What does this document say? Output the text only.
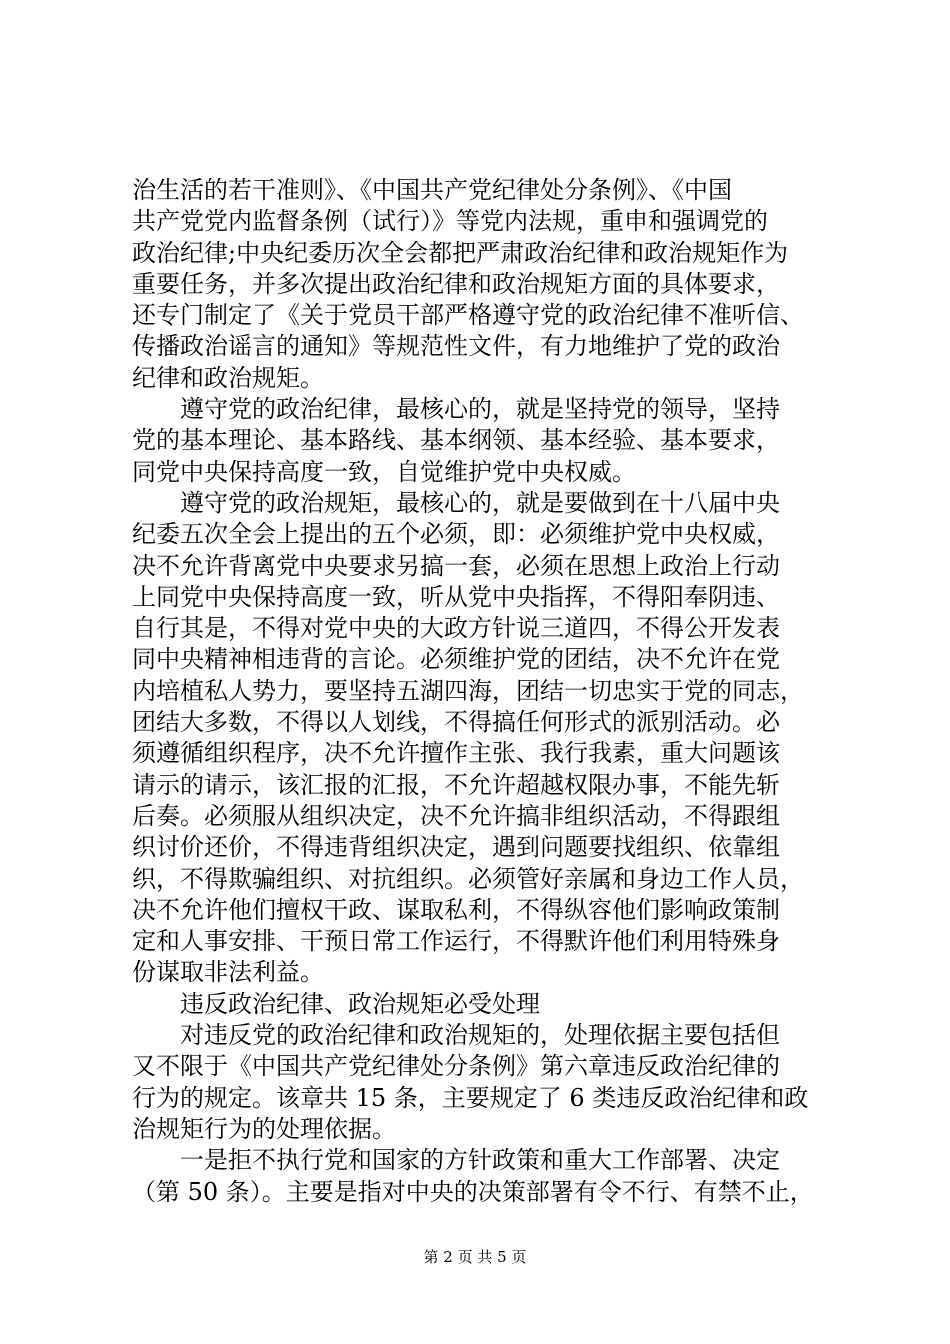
治生活的若干准则》、《中国共产党纪律处分条例》、《中国
共产党党内监督条例（试行）》等党内法规，重申和强调党的
政治纪律;中央纪委历次全会都把严肃政治纪律和政治规矩作为
重要任务，并多次提出政治纪律和政治规矩方面的具体要求，
还专门制定了《关于党员干部严格遵守党的政治纪律不准听信、
传播政治谣言的通知》等规范性文件，有力地维护了党的政治
纪律和政治规矩。
　　遵守党的政治纪律，最核心的，就是坚持党的领导，坚持
党的基本理论、基本路线、基本纲领、基本经验、基本要求，
同党中央保持高度一致，自觉维护党中央权威。
　　遵守党的政治规矩，最核心的，就是要做到在十八届中央
纪委五次全会上提出的五个必须，即：必须维护党中央权威，
决不允许背离党中央要求另搞一套，必须在思想上政治上行动
上同党中央保持高度一致，听从党中央指挥，不得阳奉阴违、
自行其是，不得对党中央的大政方针说三道四，不得公开发表
同中央精神相违背的言论。必须维护党的团结，决不允许在党
内培植私人势力，要坚持五湖四海，团结一切忠实于党的同志，
团结大多数，不得以人划线，不得搞任何形式的派别活动。必
须遵循组织程序，决不允许擅作主张、我行我素，重大问题该
请示的请示，该汇报的汇报，不允许超越权限办事，不能先斩
后奏。必须服从组织决定，决不允许搞非组织活动，不得跟组
织讨价还价，不得违背组织决定，遇到问题要找组织、依靠组
织，不得欺骗组织、对抗组织。必须管好亲属和身边工作人员，
决不允许他们擅权干政、谋取私利，不得纵容他们影响政策制
定和人事安排、干预日常工作运行，不得默许他们利用特殊身
份谋取非法利益。
　　违反政治纪律、政治规矩必受处理
　　对违反党的政治纪律和政治规矩的，处理依据主要包括但
又不限于《中国共产党纪律处分条例》第六章违反政治纪律的
行为的规定。该章共 15 条，主要规定了 6 类违反政治纪律和政
治规矩行为的处理依据。
　　一是拒不执行党和国家的方针政策和重大工作部署、决定
（第 50 条）。主要是指对中央的决策部署有令不行、有禁不止，
第 2 页 共 5 页
